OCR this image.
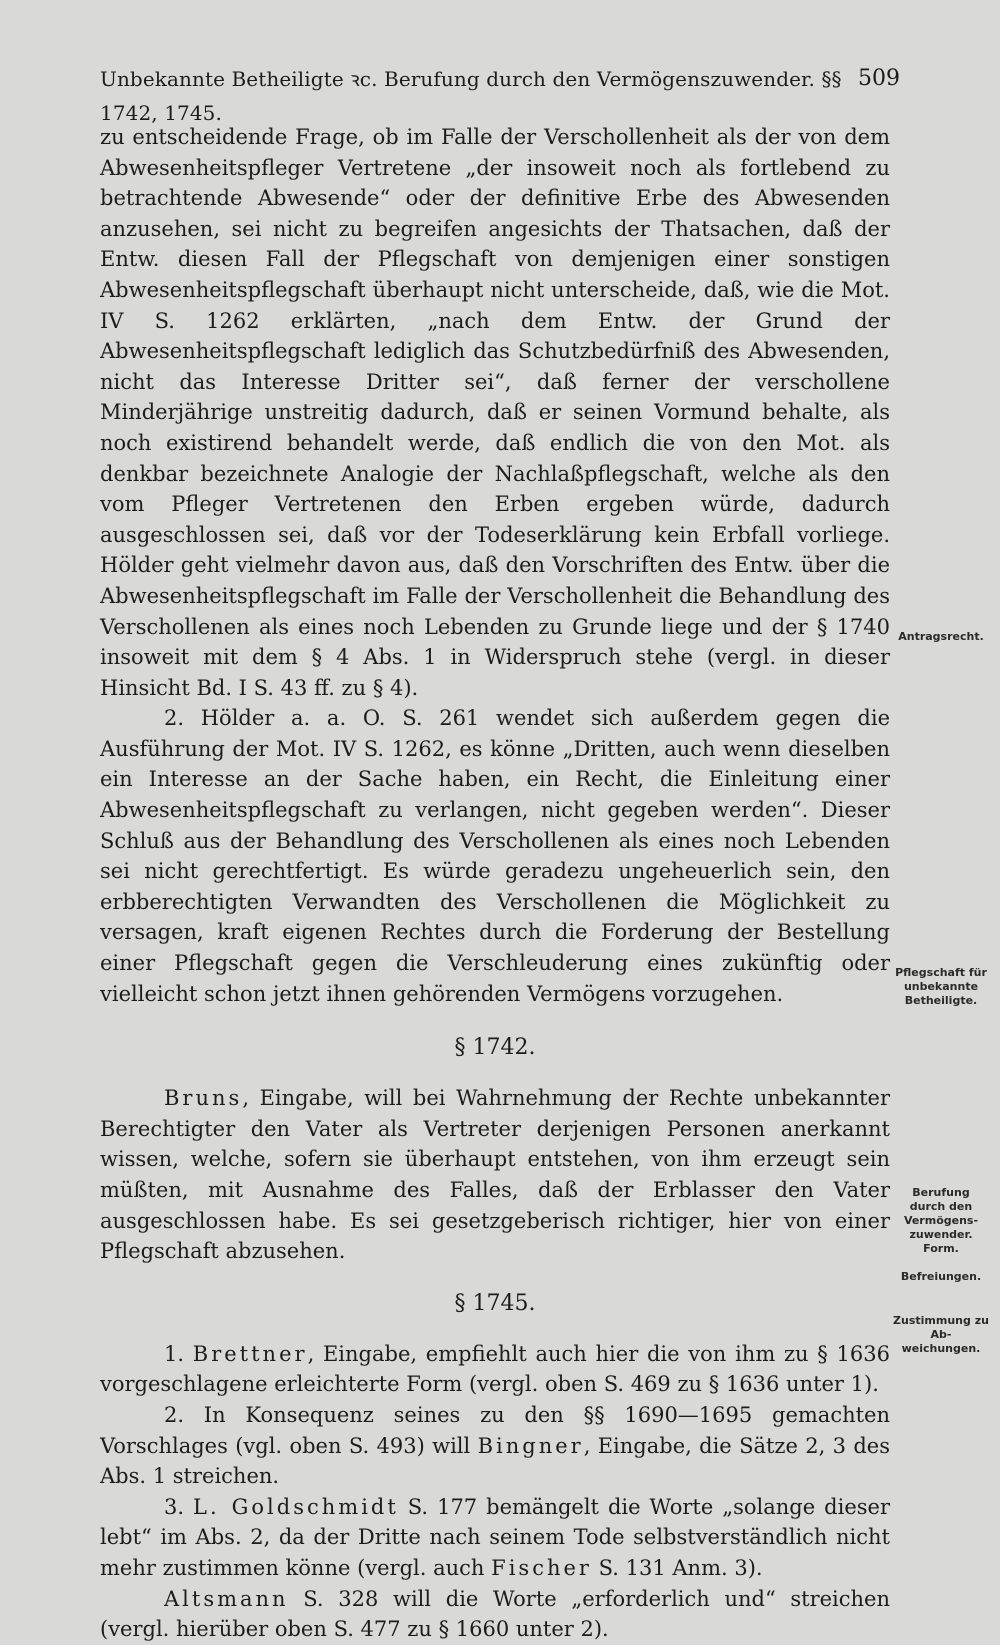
Unbekannte Betheiligte ꝛc. Berufung durch den Vermögenszuwender. §§ 1742, 1745.
509

zu entscheidende Frage, ob im Falle der Verschollenheit als der von dem Abwesenheitspfleger Vertretene „der insoweit noch als fortlebend zu betrachtende Abwesende“ oder der definitive Erbe des Abwesenden anzusehen, sei nicht zu begreifen angesichts der Thatsachen, daß der Entw. diesen Fall der Pflegschaft von demjenigen einer sonstigen Abwesenheitspflegschaft überhaupt nicht unterscheide, daß, wie die Mot. IV S. 1262 erklärten, „nach dem Entw. der Grund der Abwesenheitspflegschaft lediglich das Schutzbedürfniß des Abwesenden, nicht das Interesse Dritter sei“, daß ferner der verschollene Minderjährige unstreitig dadurch, daß er seinen Vormund behalte, als noch existirend behandelt werde, daß endlich die von den Mot. als denkbar bezeichnete Analogie der Nachlaßpflegschaft, welche als den vom Pfleger Vertretenen den Erben ergeben würde, dadurch ausgeschlossen sei, daß vor der Todeserklärung kein Erbfall vorliege. Hölder geht vielmehr davon aus, daß den Vorschriften des Entw. über die Abwesenheitspflegschaft im Falle der Verschollenheit die Behandlung des Verschollenen als eines noch Lebenden zu Grunde liege und der § 1740 insoweit mit dem § 4 Abs. 1 in Widerspruch stehe (vergl. in dieser Hinsicht Bd. I S. 43 ff. zu § 4).

2. Hölder a. a. O. S. 261 wendet sich außerdem gegen die Ausführung der Mot. IV S. 1262, es könne „Dritten, auch wenn dieselben ein Interesse an der Sache haben, ein Recht, die Einleitung einer Abwesenheitspflegschaft zu verlangen, nicht gegeben werden“. Dieser Schluß aus der Behandlung des Verschollenen als eines noch Lebenden sei nicht gerechtfertigt. Es würde geradezu ungeheuerlich sein, den erbberechtigten Verwandten des Verschollenen die Möglichkeit zu versagen, kraft eigenen Rechtes durch die Forderung der Bestellung einer Pflegschaft gegen die Verschleuderung eines zukünftig oder vielleicht schon jetzt ihnen gehörenden Vermögens vorzugehen.

§ 1742.

Bruns, Eingabe, will bei Wahrnehmung der Rechte unbekannter Berechtigter den Vater als Vertreter derjenigen Personen anerkannt wissen, welche, sofern sie überhaupt entstehen, von ihm erzeugt sein müßten, mit Ausnahme des Falles, daß der Erblasser den Vater ausgeschlossen habe. Es sei gesetzgeberisch richtiger, hier von einer Pflegschaft abzusehen.

§ 1745.

1. Brettner, Eingabe, empfiehlt auch hier die von ihm zu § 1636 vorgeschlagene erleichterte Form (vergl. oben S. 469 zu § 1636 unter 1).

2. In Konsequenz seines zu den §§ 1690—1695 gemachten Vorschlages (vgl. oben S. 493) will Bingner, Eingabe, die Sätze 2, 3 des Abs. 1 streichen.

3. L. Goldschmidt S. 177 bemängelt die Worte „solange dieser lebt“ im Abs. 2, da der Dritte nach seinem Tode selbstverständlich nicht mehr zustimmen könne (vergl. auch Fischer S. 131 Anm. 3).

Altsmann S. 328 will die Worte „erforderlich und“ streichen (vergl. hierüber oben S. 477 zu § 1660 unter 2).

Antragsrecht.
Pflegschaft für unbekannte Betheiligte.
Berufung durch den Vermögens-zuwender. Form.
Befreiungen.
Zustimmung zu Ab-weichungen.
